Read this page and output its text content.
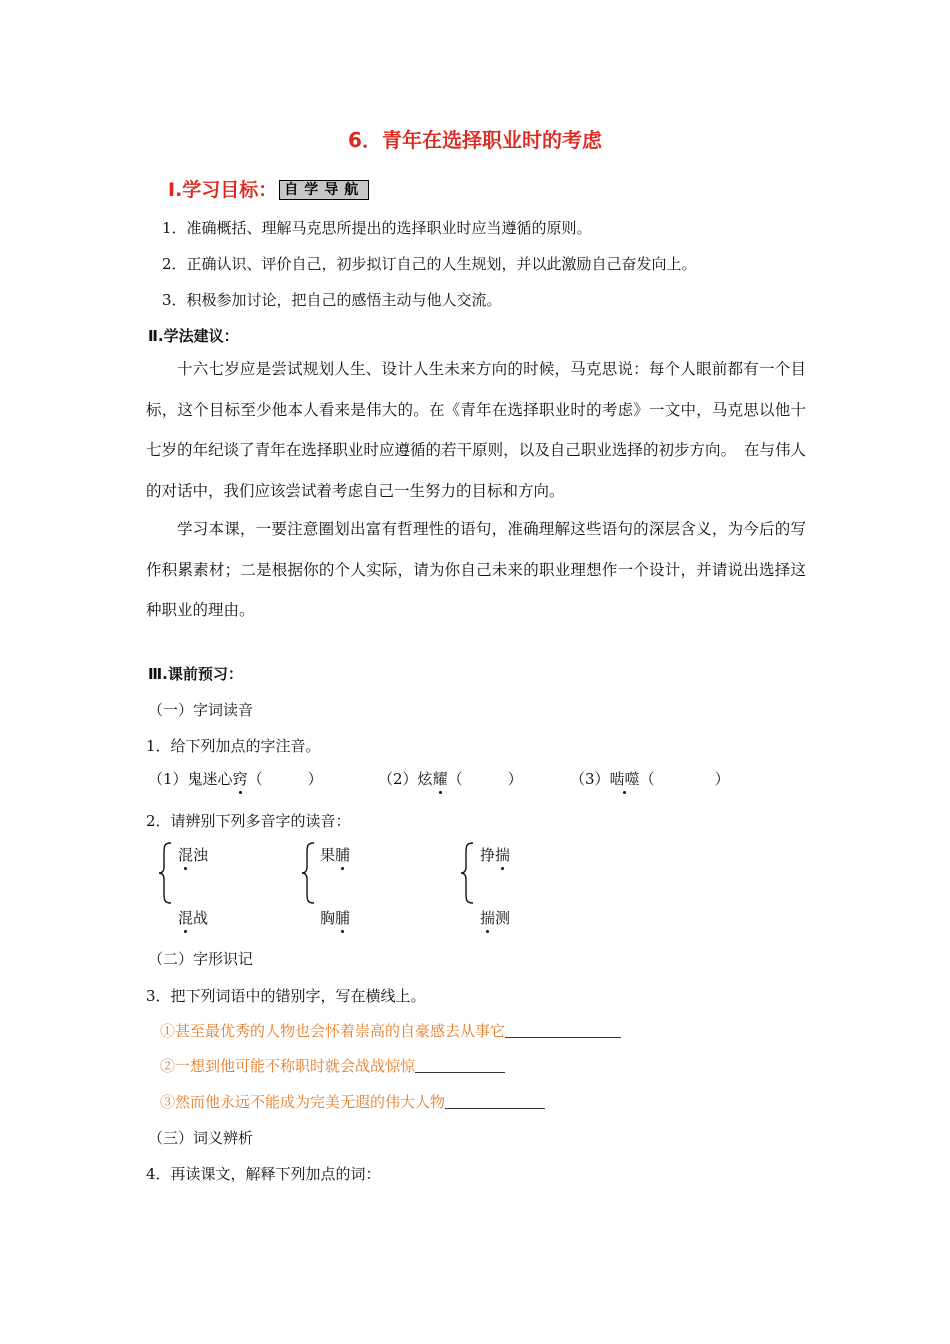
6．青年在选择职业时的考虑
Ⅰ.学习目标： 自学导航
1．准确概括、理解马克思所提出的选择职业时应当遵循的原则。
2．正确认识、评价自己，初步拟订自己的人生规划，并以此激励自己奋发向上。
3．积极参加讨论，把自己的感悟主动与他人交流。
Ⅱ.学法建议：

十六七岁应是尝试规划人生、设计人生未来方向的时候，马克思说：每个人眼前都有一个目标，这个目标至少他本人看来是伟大的。在《青年在选择职业时的考虑》一文中，马克思以他十七岁的年纪谈了青年在选择职业时应遵循的若干原则，以及自己职业选择的初步方向。　在与伟人的对话中，我们应该尝试着考虑自己一生努力的目标和方向。

学习本课，一要注意圈划出富有哲理性的语句，准确理解这些语句的深层含义，为今后的写作积累素材；二是根据你的个人实际，请为你自己未来的职业理想作一个设计，并请说出选择这种职业的理由。

Ⅲ.课前预习：
（一）字词读音
1．给下列加点的字注音。
（1）鬼迷心窍（　　　）	（2）炫耀（　　　）	（3）啮噬（　　　　）
2．请辨别下列多音字的读音：
混浊
混战
果脯
胸脯
挣揣
揣测
（二）字形识记
3．把下列词语中的错别字，写在横线上。
①甚至最优秀的人物也会怀着崇高的自豪感去从事它
②一想到他可能不称职时就会战战惊惊
③然而他永远不能成为完美无遐的伟大人物
（三）词义辨析
4．再读课文，解释下列加点的词：
